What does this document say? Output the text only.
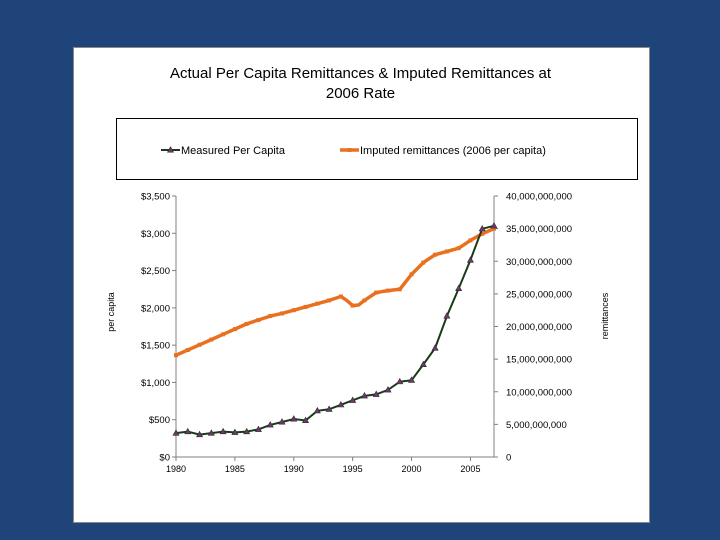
Actual Per Capita Remittances & Imputed Remittances at
2006 Rate
Measured Per Capita	Imputed remittances (2006 per capita)
$0
$500
$1,000
$1,500
$2,000
$2,500
$3,000
$3,500
0
5,000,000,000
10,000,000,000
15,000,000,000
20,000,000,000
25,000,000,000
30,000,000,000
35,000,000,000
40,000,000,000
1980	1985	1990	1995	2000	2005
per capita	remittances
